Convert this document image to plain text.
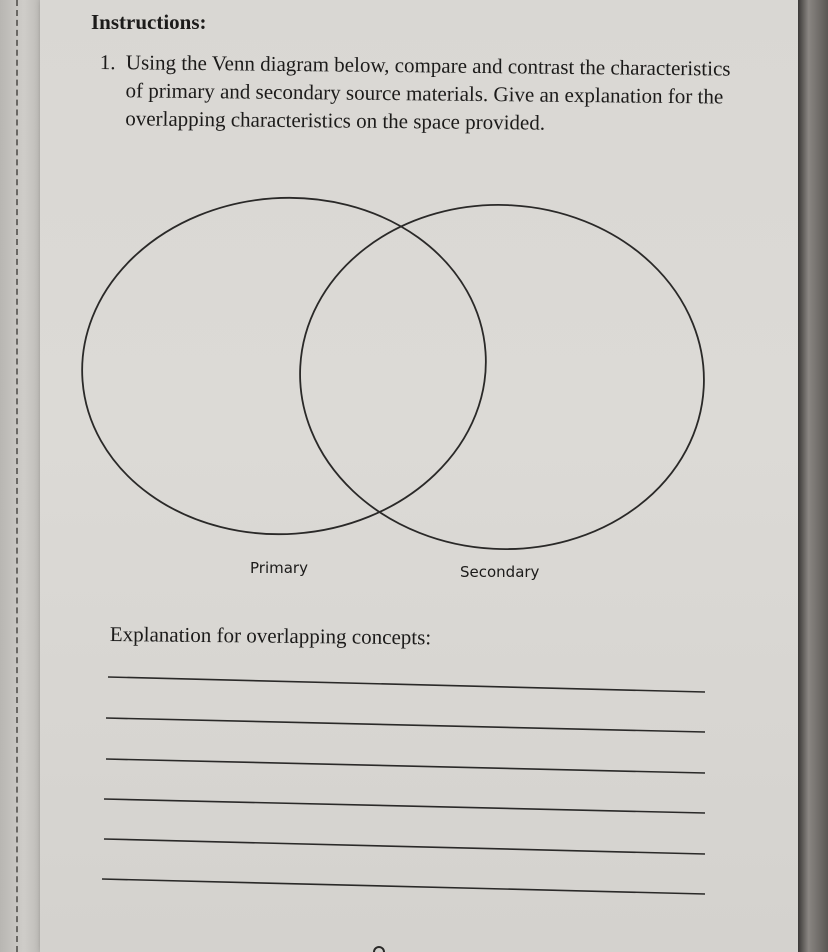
Instructions:
1. Using the Venn diagram below, compare and contrast the characteristics of primary and secondary source materials. Give an explanation for the overlapping characteristics on the space provided.
Primary	Secondary
Explanation for overlapping concepts:
